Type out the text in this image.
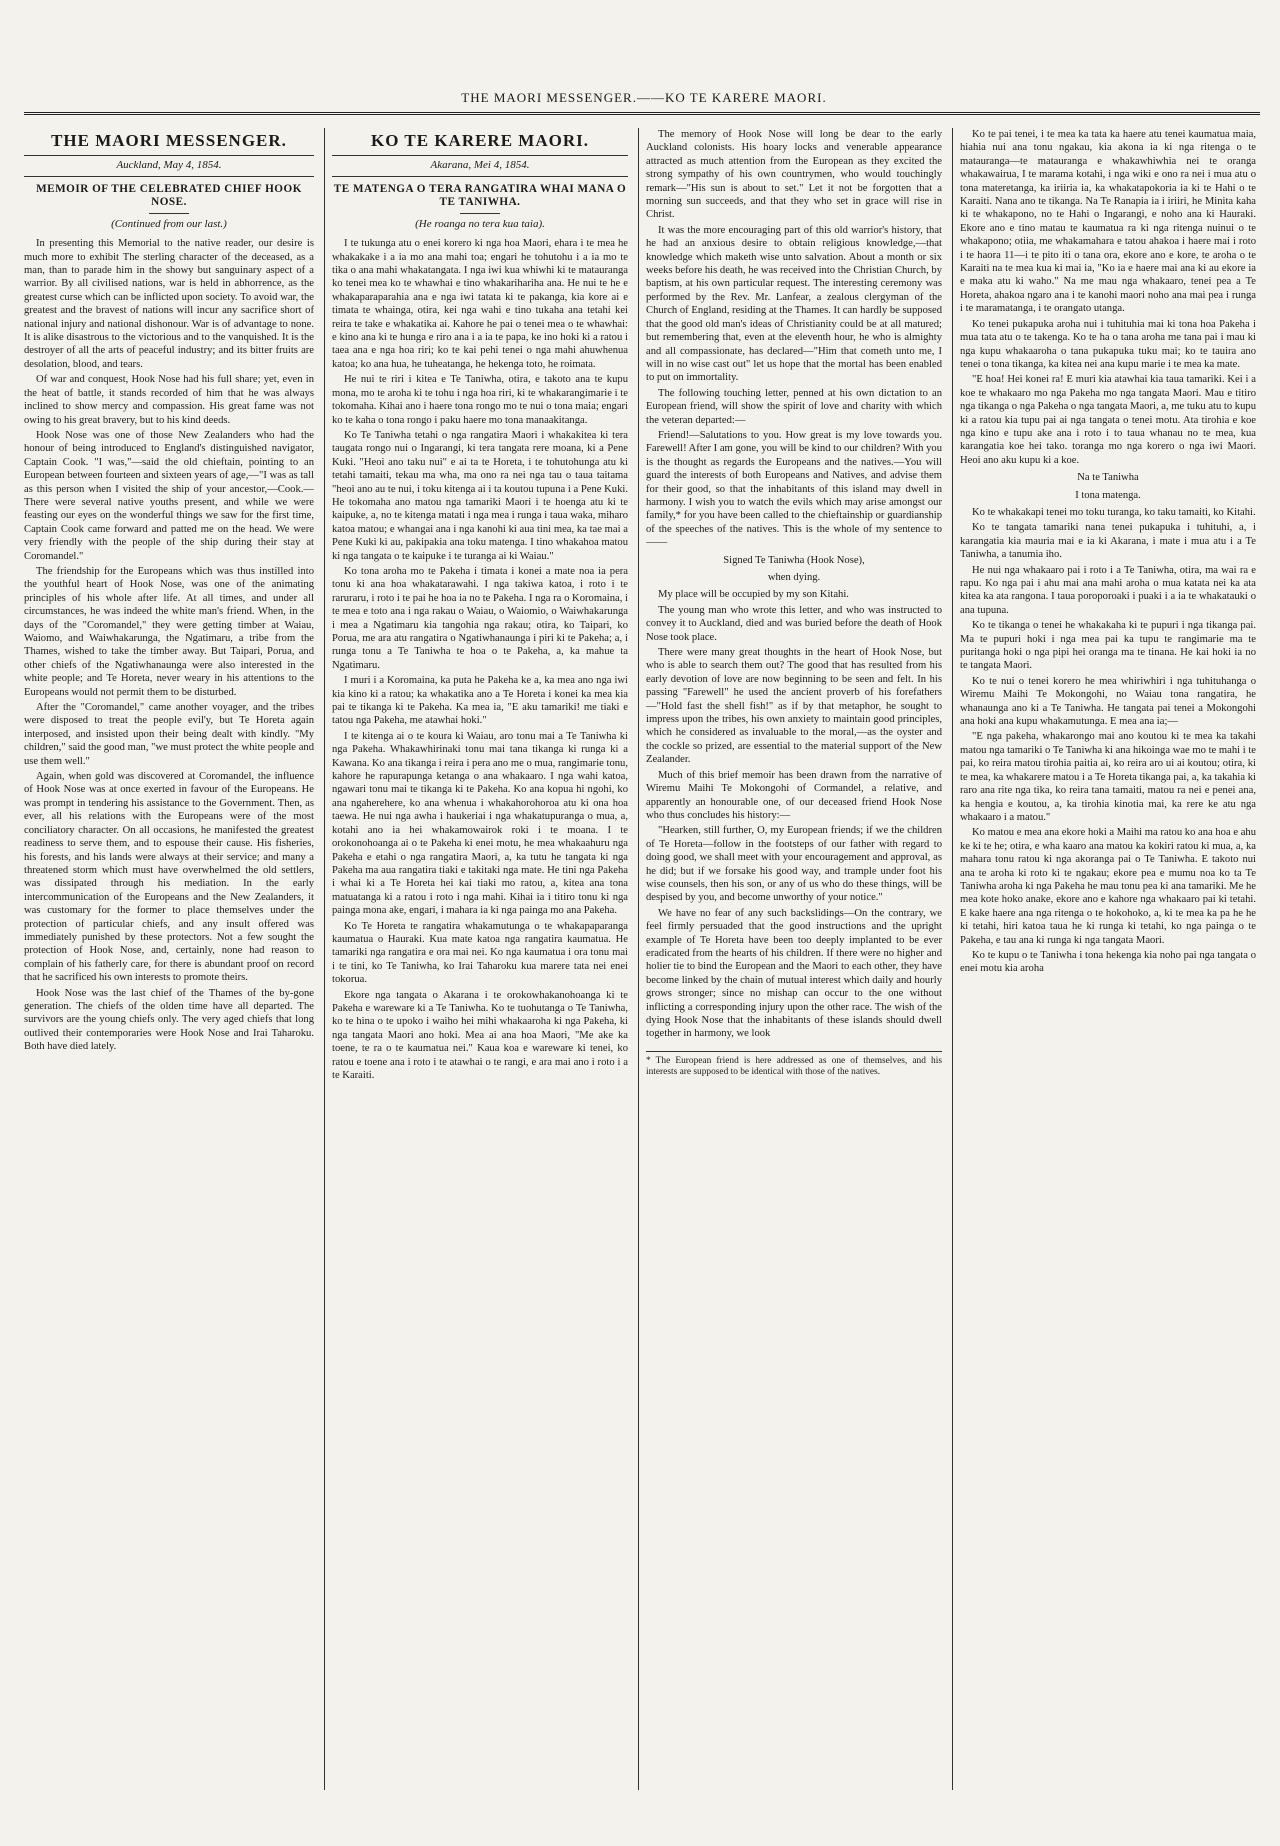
THE MAORI MESSENGER.——KO TE KARERE MAORI.
THE MAORI MESSENGER.
Auckland, May 4, 1854.
MEMOIR OF THE CELEBRATED CHIEF HOOK NOSE.
(Continued from our last.)

In presenting this Memorial to the native reader, our desire is much more to exhibit The sterling character of the deceased, as a man, than to parade him in the showy but sanguinary aspect of a warrior. By all civilised nations, war is held in abhorrence, as the greatest curse which can be inflicted upon society. To avoid war, the greatest and the bravest of nations will incur any sacrifice short of national injury and national dishonour. War is of advantage to none. It is alike disastrous to the victorious and to the vanquished. It is the destroyer of all the arts of peaceful industry; and its bitter fruits are desolation, blood, and tears.

Of war and conquest, Hook Nose had his full share; yet, even in the heat of battle, it stands recorded of him that he was always inclined to show mercy and compassion. His great fame was not owing to his great bravery, but to his kind deeds.

Hook Nose was one of those New Zealanders who had the honour of being introduced to England's distinguished navigator, Captain Cook. "I was,"—said the old chieftain, pointing to an European between fourteen and sixteen years of age,—"I was as tall as this person when I visited the ship of your ancestor,—Cook.—There were several native youths present, and while we were feasting our eyes on the wonderful things we saw for the first time, Captain Cook came forward and patted me on the head. We were very friendly with the people of the ship during their stay at Coromandel."

The friendship for the Europeans which was thus instilled into the youthful heart of Hook Nose, was one of the animating principles of his whole after life. At all times, and under all circumstances, he was indeed the white man's friend. When, in the days of the "Coromandel," they were getting timber at Waiau, Waiomo, and Waiwhakarunga, the Ngatimaru, a tribe from the Thames, wished to take the timber away. But Taipari, Porua, and other chiefs of the Ngatiwhanaunga were also interested in the white people; and Te Horeta, never weary in his attentions to the Europeans would not permit them to be disturbed.

After the "Coromandel," came another voyager, and the tribes were disposed to treat the people evil'y, but Te Horeta again interposed, and insisted upon their being dealt with kindly. "My children," said the good man, "we must protect the white people and use them well."

Again, when gold was discovered at Coromandel, the influence of Hook Nose was at once exerted in favour of the Europeans. He was prompt in tendering his assistance to the Government. Then, as ever, all his relations with the Europeans were of the most conciliatory character. On all occasions, he manifested the greatest readiness to serve them, and to espouse their cause. His fisheries, his forests, and his lands were always at their service; and many a threatened storm which must have overwhelmed the old settlers, was dissipated through his mediation. In the early intercommunication of the Europeans and the New Zealanders, it was customary for the former to place themselves under the protection of particular chiefs, and any insult offered was immediately punished by these protectors. Not a few sought the protection of Hook Nose, and, certainly, none had reason to complain of his fatherly care, for there is abundant proof on record that he sacrificed his own interests to promote theirs.

Hook Nose was the last chief of the Thames of the by-gone generation. The chiefs of the olden time have all departed. The survivors are the young chiefs only. The very aged chiefs that long outlived their contemporaries were Hook Nose and Irai Taharoku. Both have died lately.

The memory of Hook Nose will long be dear to the early Auckland colonists. His hoary locks and venerable appearance attracted as much attention from the European as they excited the strong sympathy of his own countrymen, who would touchingly remark—"His sun is about to set." Let it not be forgotten that a morning sun succeeds, and that they who set in grace will rise in Christ.

It was the more encouraging part of this old warrior's history, that he had an anxious desire to obtain religious knowledge,—that knowledge which maketh wise unto salvation. About a month or six weeks before his death, he was received into the Christian Church, by baptism, at his own particular request. The interesting ceremony was performed by the Rev. Mr. Lanfear, a zealous clergyman of the Church of England, residing at the Thames. It can hardly be supposed that the good old man's ideas of Christianity could be at all matured; but remembering that, even at the eleventh hour, he who is almighty and all compassionate, has declared—"Him that cometh unto me, I will in no wise cast out" let us hope that the mortal has been enabled to put on immortality.

The following touching letter, penned at his own dictation to an European friend, will show the spirit of love and charity with which the veteran departed:—

Friend!—Salutations to you. How great is my love towards you. Farewell! After I am gone, you will be kind to our children? With you is the thought as regards the Europeans and the natives.—You will guard the interests of both Europeans and Natives, and advise them for their good, so that the inhabitants of this island may dwell in harmony. I wish you to watch the evils which may arise amongst our family,* for you have been called to the chieftainship or guardianship of the speeches of the natives. This is the whole of my sentence to ——

Signed Te Taniwha (Hook Nose),
when dying.

My place will be occupied by my son Kitahi.

The young man who wrote this letter, and who was instructed to convey it to Auckland, died and was buried before the death of Hook Nose took place.

There were many great thoughts in the heart of Hook Nose, but who is able to search them out? The good that has resulted from his early devotion of love are now beginning to be seen and felt. In his passing "Farewell" he used the ancient proverb of his forefathers—"Hold fast the shell fish!" as if by that metaphor, he sought to impress upon the tribes, his own anxiety to maintain good principles, which he considered as invaluable to the moral,—as the oyster and the cockle so prized, are essential to the material support of the New Zealander.

Much of this brief memoir has been drawn from the narrative of Wiremu Maihi Te Mokongohi of Cormandel, a relative, and apparently an honourable one, of our deceased friend Hook Nose who thus concludes his history:—

"Hearken, still further, O, my European friends; if we the children of Te Horeta—follow in the footsteps of our father with regard to doing good, we shall meet with your encouragement and approval, as he did; but if we forsake his good way, and trample under foot his wise counsels, then his son, or any of us who do these things, will be despised by you, and become unworthy of your notice."

We have no fear of any such backslidings—On the contrary, we feel firmly persuaded that the good instructions and the upright example of Te Horeta have been too deeply implanted to be ever eradicated from the hearts of his children. If there were no higher and holier tie to bind the European and the Maori to each other, they have become linked by the chain of mutual interest which daily and hourly grows stronger; since no mishap can occur to the one without inflicting a corresponding injury upon the other race. The wish of the dying Hook Nose that the inhabitants of these islands should dwell together in harmony, we look

* The European friend is here addressed as one of themselves, and his interests are supposed to be identical with those of the natives.
KO TE KARERE MAORI.
Akarana, Mei 4, 1854.
TE MATENGA O TERA RANGATIRA WHAI MANA O TE TANIWHA.
(He roanga no tera kua taia).

I te tukunga atu o enei korero ki nga hoa Maori, ehara i te mea he whakakake i a ia mo ana mahi toa; engari he tohutohu i a ia mo te tika o ana mahi whakatangata. I nga iwi kua whiwhi ki te matauranga ko tenei mea ko te whawhai e tino whakarihariha ana. He nui te he e whakaparaparahia ana e nga iwi tatata ki te pakanga, kia kore ai e timata te whainga, otira, kei nga wahi e tino tukaha ana tetahi kei reira te take e whakatika ai. Kahore he pai o tenei mea o te whawhai: e kino ana ki te hunga e riro ana i a ia te papa, ke ino hoki ki a ratou i taea ana e nga hoa riri; ko te kai pehi tenei o nga mahi ahuwhenua katoa; ko ana hua, he tuheatanga, he hekenga toto, he roimata.

He nui te riri i kitea e Te Taniwha, otira, e takoto ana te kupu mona, mo te aroha ki te tohu i nga hoa riri, ki te whakarangimarie i te tokomaha. Kihai ano i haere tona rongo mo te nui o tona maia; engari ko te kaha o tona rongo i paku haere mo tona manaakitanga.

Ko Te Taniwha tetahi o nga rangatira Maori i whakakitea ki tera taugata rongo nui o Ingarangi, ki tera tangata rere moana, ki a Pene Kuki. "Heoi ano taku nui" e ai ta te Horeta, i te tohutohunga atu ki tetahi tamaiti, tekau ma wha, ma ono ra nei nga tau o taua taitama "heoi ano au te nui, i toku kitenga ai i ta koutou tupuna i a Pene Kuki. He tokomaha ano matou nga tamariki Maori i te hoenga atu ki te kaipuke, a, no te kitenga matati i nga mea i runga i taua waka, miharo katoa matou; e whangai ana i nga kanohi ki aua tini mea, ka tae mai a Pene Kuki ki au, pakipakia ana toku matenga. I tino whakahoa matou ki nga tangata o te kaipuke i te turanga ai ki Waiau."

Ko tona aroha mo te Pakeha i timata i konei a mate noa ia pera tonu ki ana hoa whakatarawahi. I nga takiwa katoa, i roto i te raruraru, i roto i te pai he hoa ia no te Pakeha. I nga ra o Koromaina, i te mea e toto ana i nga rakau o Waiau, o Waiomio, o Waiwhakarunga i mea a Ngatimaru kia tangohia nga rakau; otira, ko Taipari, ko Porua, me ara atu rangatira o Ngatiwhanaunga i piri ki te Pakeha; a, i runga tonu a Te Taniwha te hoa o te Pakeha, a, ka mahue ta Ngatimaru.

I muri i a Koromaina, ka puta he Pakeha ke a, ka mea ano nga iwi kia kino ki a ratou; ka whakatika ano a Te Horeta i konei ka mea kia pai te tikanga ki te Pakeha. Ka mea ia, "E aku tamariki! me tiaki e tatou nga Pakeha, me atawhai hoki."

I te kitenga ai o te koura ki Waiau, aro tonu mai a Te Taniwha ki nga Pakeha. Whakawhirinaki tonu mai tana tikanga ki runga ki a Kawana. Ko ana tikanga i reira i pera ano me o mua, rangimarie tonu, kahore he rapurapunga ketanga o ana whakaaro. I nga wahi katoa, ngawari tonu mai te tikanga ki te Pakeha. Ko ana kopua hi ngohi, ko ana ngaherehere, ko ana whenua i whakahorohoroa atu ki ona hoa taewa. He nui nga awha i haukeriai i nga whakatupuranga o mua, a, kotahi ano ia hei whakamowairok roki i te moana. I te orokonohoanga ai o te Pakeha ki enei motu, he mea whakaahuru nga Pakeha e etahi o nga rangatira Maori, a, ka tutu he tangata ki nga Pakeha ma aua rangatira tiaki e takitaki nga mate. He tini nga Pakeha i whai ki a Te Horeta hei kai tiaki mo ratou, a, kitea ana tona matuatanga ki a ratou i roto i nga mahi. Kihai ia i titiro tonu ki nga painga mona ake, engari, i mahara ia ki nga painga mo ana Pakeha.

Ko Te Horeta te rangatira whakamutunga o te whakapaparanga kaumatua o Hauraki. Kua mate katoa nga rangatira kaumatua. He tamariki nga rangatira e ora mai nei. Ko nga kaumatua i ora tonu mai i te tini, ko Te Taniwha, ko Irai Taharoku kua marere tata nei enei tokorua.

Ekore nga tangata o Akarana i te orokowhakanohoanga ki te Pakeha e wareware ki a Te Taniwha. Ko te tuohutanga o Te Taniwha, ko te hina o te upoko i waiho hei mihi whakaaroha ki nga Pakeha, ki nga tangata Maori ano hoki. Mea ai ana hoa Maori, "Me ake ka toene, te ra o te kaumatua nei." Kaua koa e wareware ki tenei, ko ratou e toene ana i roto i te atawhai o te rangi, e ara mai ano i roto i a te Karaiti.

Ko te pai tenei, i te mea ka tata ka haere atu tenei kaumatua maia, hiahia nui ana tonu ngakau, kia akona ia ki nga ritenga o te matauranga—te matauranga e whakawhiwhia nei te oranga whakawairua, I te marama kotahi, i nga wiki e ono ra nei i mua atu o tona materetanga, ka iriiria ia, ka whakatapokoria ia ki te Hahi o te Karaiti. Nana ano te tikanga. Na Te Ranapia ia i iriiri, he Minita kaha ki te whakapono, no te Hahi o Ingarangi, e noho ana ki Hauraki. Ekore ano e tino matau te kaumatua ra ki nga ritenga nuinui o te whakapono; otiia, me whakamahara e tatou ahakoa i haere mai i roto i te haora 11—i te pito iti o tana ora, ekore ano e kore, te aroha o te Karaiti na te mea kua ki mai ia, "Ko ia e haere mai ana ki au ekore ia e maka atu ki waho." Na me mau nga whakaaro, tenei pea a Te Horeta, ahakoa ngaro ana i te kanohi maori noho ana mai pea i runga i te maramatanga, i te orangato utanga.

Ko tenei pukapuka aroha nui i tuhituhia mai ki tona hoa Pakeha i mua tata atu o te takenga. Ko te ha o tana aroha me tana pai i mau ki nga kupu whakaaroha o tana pukapuka tuku mai; ko te tauira ano tenei o tona tikanga, ka kitea nei ana kupu marie i te mea ka mate.

"E hoa! Hei konei ra! E muri kia atawhai kia taua tamariki. Kei i a koe te whakaaro mo nga Pakeha mo nga tangata Maori. Mau e titiro nga tikanga o nga Pakeha o nga tangata Maori, a, me tuku atu to kupu ki a ratou kia tupu pai ai nga tangata o tenei motu. Ata tirohia e koe nga kino e tupu ake ana i roto i to taua whanau no te mea, kua karangatia koe hei tako. toranga mo nga korero o nga iwi Maori. Heoi ano aku kupu ki a koe.

Na te Taniwha
I tona matenga.

Ko te whakakapi tenei mo toku turanga, ko taku tamaiti, ko Kitahi.

Ko te tangata tamariki nana tenei pukapuka i tuhituhi, a, i karangatia kia mauria mai e ia ki Akarana, i mate i mua atu i a Te Taniwha, a tanumia iho.

He nui nga whakaaro pai i roto i a Te Taniwha, otira, ma wai ra e rapu. Ko nga pai i ahu mai ana mahi aroha o mua katata nei ka ata kitea ka ata rangona. I taua poroporoaki i puaki i a ia te whakatauki o ana tupuna.

Ko te tikanga o tenei he whakakaha ki te pupuri i nga tikanga pai. Ma te pupuri hoki i nga mea pai ka tupu te rangimarie ma te puritanga hoki o nga pipi hei oranga ma te tinana. He kai hoki ia no te tangata Maori.

Ko te nui o tenei korero he mea whiriwhiri i nga tuhituhanga o Wiremu Maihi Te Mokongohi, no Waiau tona rangatira, he whanaunga ano ki a Te Taniwha. He tangata pai tenei a Mokongohi ana hoki ana kupu whakamutunga. E mea ana ia;—

"E nga pakeha, whakarongo mai ano koutou ki te mea ka takahi matou nga tamariki o Te Taniwha ki ana hikoinga wae mo te mahi i te pai, ko reira matou tirohia paitia ai, ko reira aro ui ai koutou; otira, ki te mea, ka whakarere matou i a Te Horeta tikanga pai, a, ka takahia ki raro ana rite nga tika, ko reira tana tamaiti, matou ra nei e penei ana, ka hengia e koutou, a, ka tirohia kinotia mai, ka rere ke atu nga whakaaro i a matou."

Ko matou e mea ana ekore hoki a Maihi ma ratou ko ana hoa e ahu ke ki te he; otira, e wha kaaro ana matou ka kokiri ratou ki mua, a, ka mahara tonu ratou ki nga akoranga pai o Te Taniwha. E takoto nui ana te aroha ki roto ki te ngakau; ekore pea e mumu noa ko ta Te Taniwha aroha ki nga Pakeha he mau tonu pea ki ana tamariki. Me he mea kote hoko anake, ekore ano e kahore nga whakaaro pai ki tetahi. E kake haere ana nga ritenga o te hokohoko, a, ki te mea ka pa he he ki tetahi, hiri katoa taua he ki runga ki tetahi, ko nga painga o te Pakeha, e tau ana ki runga ki nga tangata Maori.

Ko te kupu o te Taniwha i tona hekenga kia noho pai nga tangata o enei motu kia aroha
